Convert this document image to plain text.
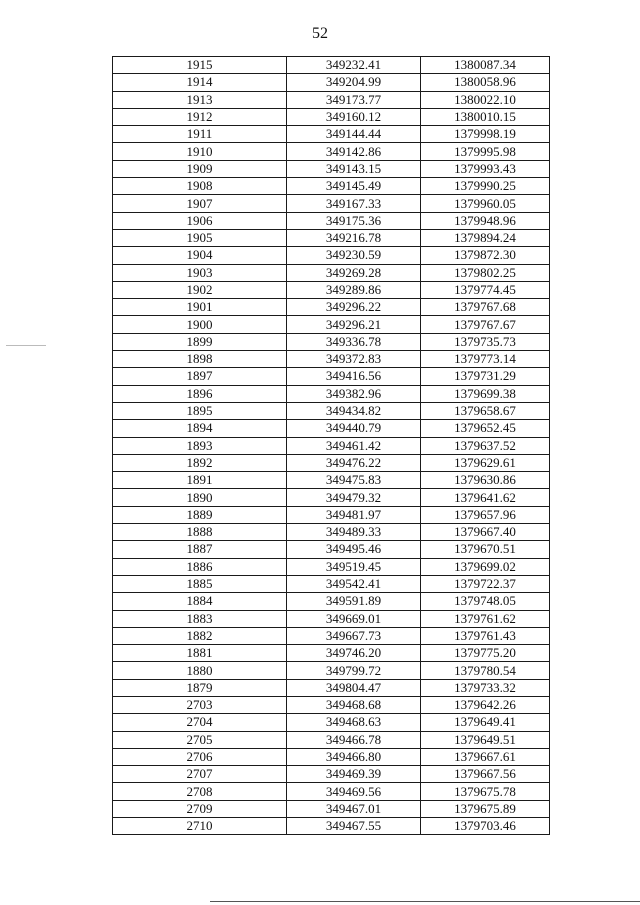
52
1915	349232.41	1380087.34
1914	349204.99	1380058.96
1913	349173.77	1380022.10
1912	349160.12	1380010.15
1911	349144.44	1379998.19
1910	349142.86	1379995.98
1909	349143.15	1379993.43
1908	349145.49	1379990.25
1907	349167.33	1379960.05
1906	349175.36	1379948.96
1905	349216.78	1379894.24
1904	349230.59	1379872.30
1903	349269.28	1379802.25
1902	349289.86	1379774.45
1901	349296.22	1379767.68
1900	349296.21	1379767.67
1899	349336.78	1379735.73
1898	349372.83	1379773.14
1897	349416.56	1379731.29
1896	349382.96	1379699.38
1895	349434.82	1379658.67
1894	349440.79	1379652.45
1893	349461.42	1379637.52
1892	349476.22	1379629.61
1891	349475.83	1379630.86
1890	349479.32	1379641.62
1889	349481.97	1379657.96
1888	349489.33	1379667.40
1887	349495.46	1379670.51
1886	349519.45	1379699.02
1885	349542.41	1379722.37
1884	349591.89	1379748.05
1883	349669.01	1379761.62
1882	349667.73	1379761.43
1881	349746.20	1379775.20
1880	349799.72	1379780.54
1879	349804.47	1379733.32
2703	349468.68	1379642.26
2704	349468.63	1379649.41
2705	349466.78	1379649.51
2706	349466.80	1379667.61
2707	349469.39	1379667.56
2708	349469.56	1379675.78
2709	349467.01	1379675.89
2710	349467.55	1379703.46
